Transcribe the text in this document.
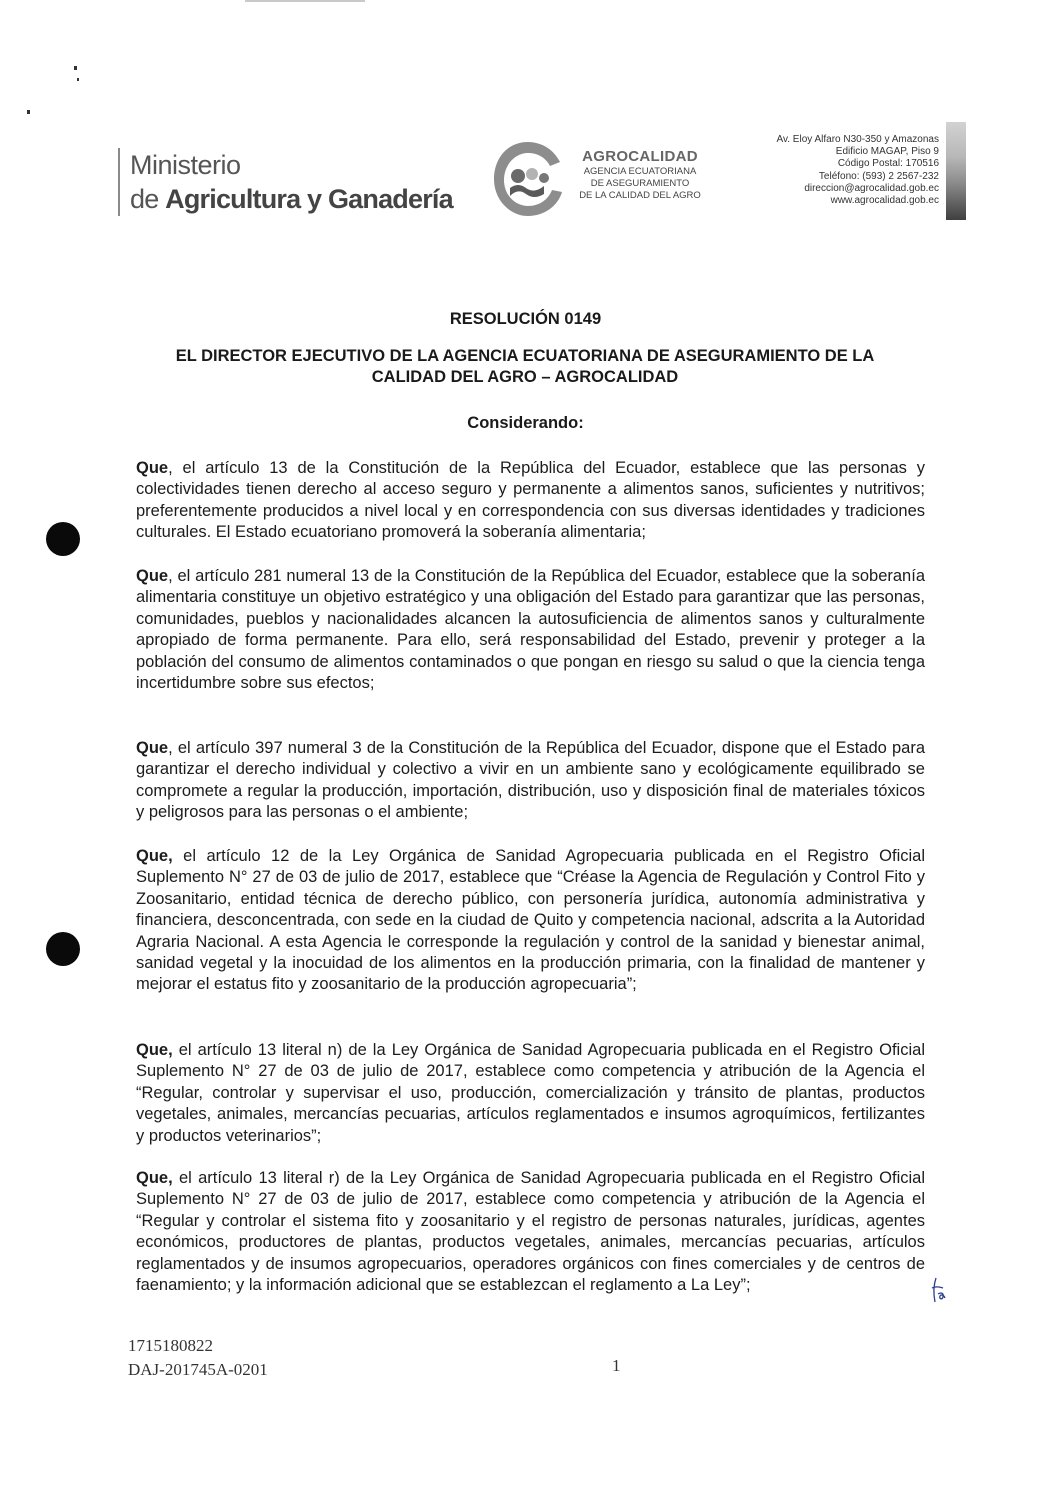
Ministerio
de Agricultura y Ganadería
AGROCALIDAD
AGENCIA ECUATORIANA
DE ASEGURAMIENTO
DE LA CALIDAD DEL AGRO
Av. Eloy Alfaro N30-350 y Amazonas
Edificio MAGAP, Piso 9
Código Postal: 170516
Teléfono: (593) 2 2567-232
direccion@agrocalidad.gob.ec
www.agrocalidad.gob.ec
RESOLUCIÓN 0149
EL DIRECTOR EJECUTIVO DE LA AGENCIA ECUATORIANA DE ASEGURAMIENTO DE LA CALIDAD DEL AGRO – AGROCALIDAD
Considerando:
Que, el artículo 13 de la Constitución de la República del Ecuador, establece que las personas y colectividades tienen derecho al acceso seguro y permanente a alimentos sanos, suficientes y nutritivos; preferentemente producidos a nivel local y en correspondencia con sus diversas identidades y tradiciones culturales. El Estado ecuatoriano promoverá la soberanía alimentaria;
Que, el artículo 281 numeral 13 de la Constitución de la República del Ecuador, establece que la soberanía alimentaria constituye un objetivo estratégico y una obligación del Estado para garantizar que las personas, comunidades, pueblos y nacionalidades alcancen la autosuficiencia de alimentos sanos y culturalmente apropiado de forma permanente. Para ello, será responsabilidad del Estado, prevenir y proteger a la población del consumo de alimentos contaminados o que pongan en riesgo su salud o que la ciencia tenga incertidumbre sobre sus efectos;
Que, el artículo 397 numeral 3 de la Constitución de la República del Ecuador, dispone que el Estado para garantizar el derecho individual y colectivo a vivir en un ambiente sano y ecológicamente equilibrado se compromete a regular la producción, importación, distribución, uso y disposición final de materiales tóxicos y peligrosos para las personas o el ambiente;
Que, el artículo 12 de la Ley Orgánica de Sanidad Agropecuaria publicada en el Registro Oficial Suplemento N° 27 de 03 de julio de 2017, establece que “Créase la Agencia de Regulación y Control Fito y Zoosanitario, entidad técnica de derecho público, con personería jurídica, autonomía administrativa y financiera, desconcentrada, con sede en la ciudad de Quito y competencia nacional, adscrita a la Autoridad Agraria Nacional. A esta Agencia le corresponde la regulación y control de la sanidad y bienestar animal, sanidad vegetal y la inocuidad de los alimentos en la producción primaria, con la finalidad de mantener y mejorar el estatus fito y zoosanitario de la producción agropecuaria”;
Que, el artículo 13 literal n) de la Ley Orgánica de Sanidad Agropecuaria publicada en el Registro Oficial Suplemento N° 27 de 03 de julio de 2017, establece como competencia y atribución de la Agencia el “Regular, controlar y supervisar el uso, producción, comercialización y tránsito de plantas, productos vegetales, animales, mercancías pecuarias, artículos reglamentados e insumos agroquímicos, fertilizantes y productos veterinarios”;
Que, el artículo 13 literal r) de la Ley Orgánica de Sanidad Agropecuaria publicada en el Registro Oficial Suplemento N° 27 de 03 de julio de 2017, establece como competencia y atribución de la Agencia el “Regular y controlar el sistema fito y zoosanitario y el registro de personas naturales, jurídicas, agentes económicos, productores de plantas, productos vegetales, animales, mercancías pecuarias, artículos reglamentados y de insumos agropecuarios, operadores orgánicos con fines comerciales y de centros de faenamiento; y la información adicional que se establezcan el reglamento a La Ley”;
1715180822
DAJ-201745A-0201	1
